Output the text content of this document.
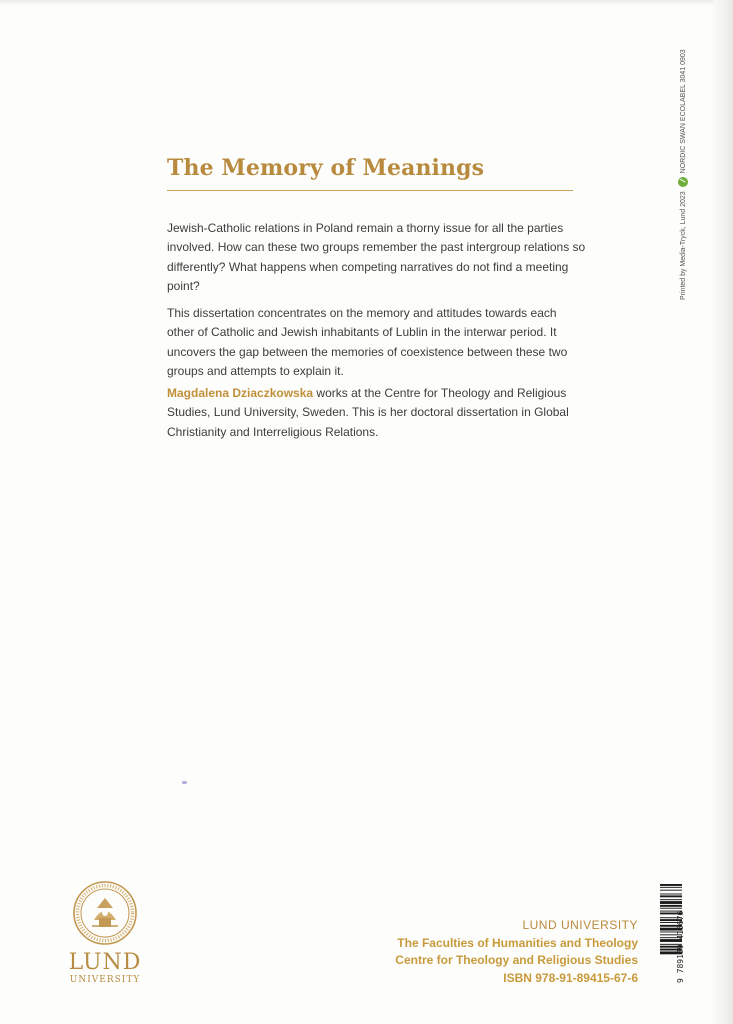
The Memory of Meanings

Jewish-Catholic relations in Poland remain a thorny issue for all the parties involved. How can these two groups remember the past intergroup relations so differently? What happens when competing narratives do not find a meeting point?

This dissertation concentrates on the memory and attitudes towards each other of Catholic and Jewish inhabitants of Lublin in the interwar period. It uncovers the gap between the memories of coexistence between these two groups and attempts to explain it.

Magdalena Dziaczkowska works at the Centre for Theology and Religious Studies, Lund University, Sweden. This is her doctoral dissertation in Global Christianity and Interreligious Relations.

Printed by Media-Tryck, Lund 2023
NORDIC SWAN ECOLABEL 3041 0903
LUND
UNIVERSITY
LUND UNIVERSITY
The Faculties of Humanities and Theology
Centre for Theology and Religious Studies
ISBN 978-91-89415-67-6	9 789189 415676
